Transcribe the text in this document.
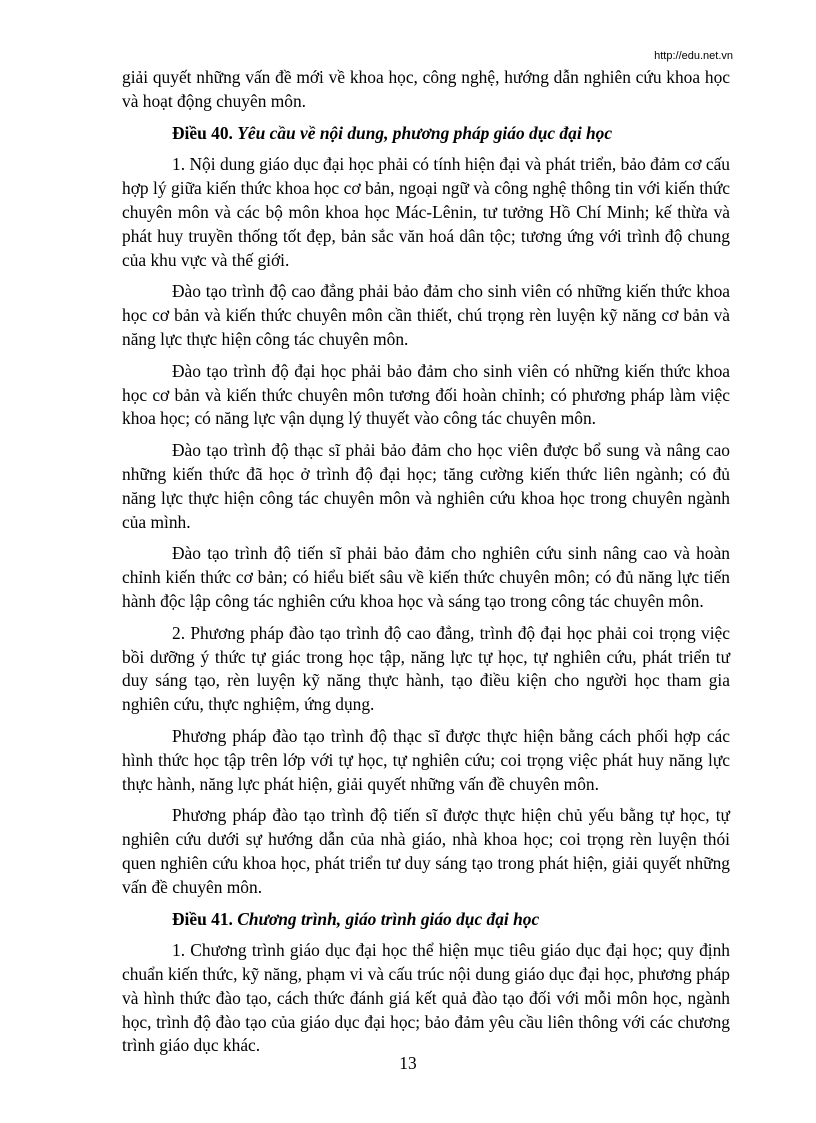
http://edu.net.vn

giải quyết những vấn đề mới về khoa học, công nghệ, hướng dẫn nghiên cứu khoa học và hoạt động chuyên môn.

Điều 40. Yêu cầu về nội dung, phương pháp giáo dục đại học

1. Nội dung giáo dục đại học phải có tính hiện đại và phát triển, bảo đảm cơ cấu hợp lý giữa kiến thức khoa học cơ bản, ngoại ngữ và công nghệ thông tin với kiến thức chuyên môn và các bộ môn khoa học Mác-Lênin, tư tưởng Hồ Chí Minh; kế thừa và phát huy truyền thống tốt đẹp, bản sắc văn hoá dân tộc; tương ứng với trình độ chung của khu vực và thế giới.

Đào tạo trình độ cao đẳng phải bảo đảm cho sinh viên có những kiến thức khoa học cơ bản và kiến thức chuyên môn cần thiết, chú trọng rèn luyện kỹ năng cơ bản và năng lực thực hiện công tác chuyên môn.

Đào tạo trình độ đại học phải bảo đảm cho sinh viên có những kiến thức khoa học cơ bản và kiến thức chuyên môn tương đối hoàn chỉnh; có phương pháp làm việc khoa học; có năng lực vận dụng lý thuyết vào công tác chuyên môn.

Đào tạo trình độ thạc sĩ phải bảo đảm cho học viên được bổ sung và nâng cao những kiến thức đã học ở trình độ đại học; tăng cường kiến thức liên ngành; có đủ năng lực thực hiện công tác chuyên môn và nghiên cứu khoa học trong chuyên ngành của mình.

Đào tạo trình độ tiến sĩ phải bảo đảm cho nghiên cứu sinh nâng cao và hoàn chỉnh kiến thức cơ bản; có hiểu biết sâu về kiến thức chuyên môn; có đủ năng lực tiến hành độc lập công tác nghiên cứu khoa học và sáng tạo trong công tác chuyên môn.

2. Phương pháp đào tạo trình độ cao đẳng, trình độ đại học phải coi trọng việc bồi dưỡng ý thức tự giác trong học tập, năng lực tự học, tự nghiên cứu, phát triển tư duy sáng tạo, rèn luyện kỹ năng thực hành, tạo điều kiện cho người học tham gia nghiên cứu, thực nghiệm, ứng dụng.

Phương pháp đào tạo trình độ thạc sĩ được thực hiện bằng cách phối hợp các hình thức học tập trên lớp với tự học, tự nghiên cứu; coi trọng việc phát huy năng lực thực hành, năng lực phát hiện, giải quyết những vấn đề chuyên môn.

Phương pháp đào tạo trình độ tiến sĩ được thực hiện chủ yếu bằng tự học, tự nghiên cứu dưới sự hướng dẫn của nhà giáo, nhà khoa học; coi trọng rèn luyện thói quen nghiên cứu khoa học, phát triển tư duy sáng tạo trong phát hiện, giải quyết những vấn đề chuyên môn.

Điều 41. Chương trình, giáo trình giáo dục đại học

1. Chương trình giáo dục đại học thể hiện mục tiêu giáo dục đại học; quy định chuẩn kiến thức, kỹ năng, phạm vi và cấu trúc nội dung giáo dục đại học, phương pháp và hình thức đào tạo, cách thức đánh giá kết quả đào tạo đối với mỗi môn học, ngành học, trình độ đào tạo của giáo dục đại học; bảo đảm yêu cầu liên thông với các chương trình giáo dục khác.

13
